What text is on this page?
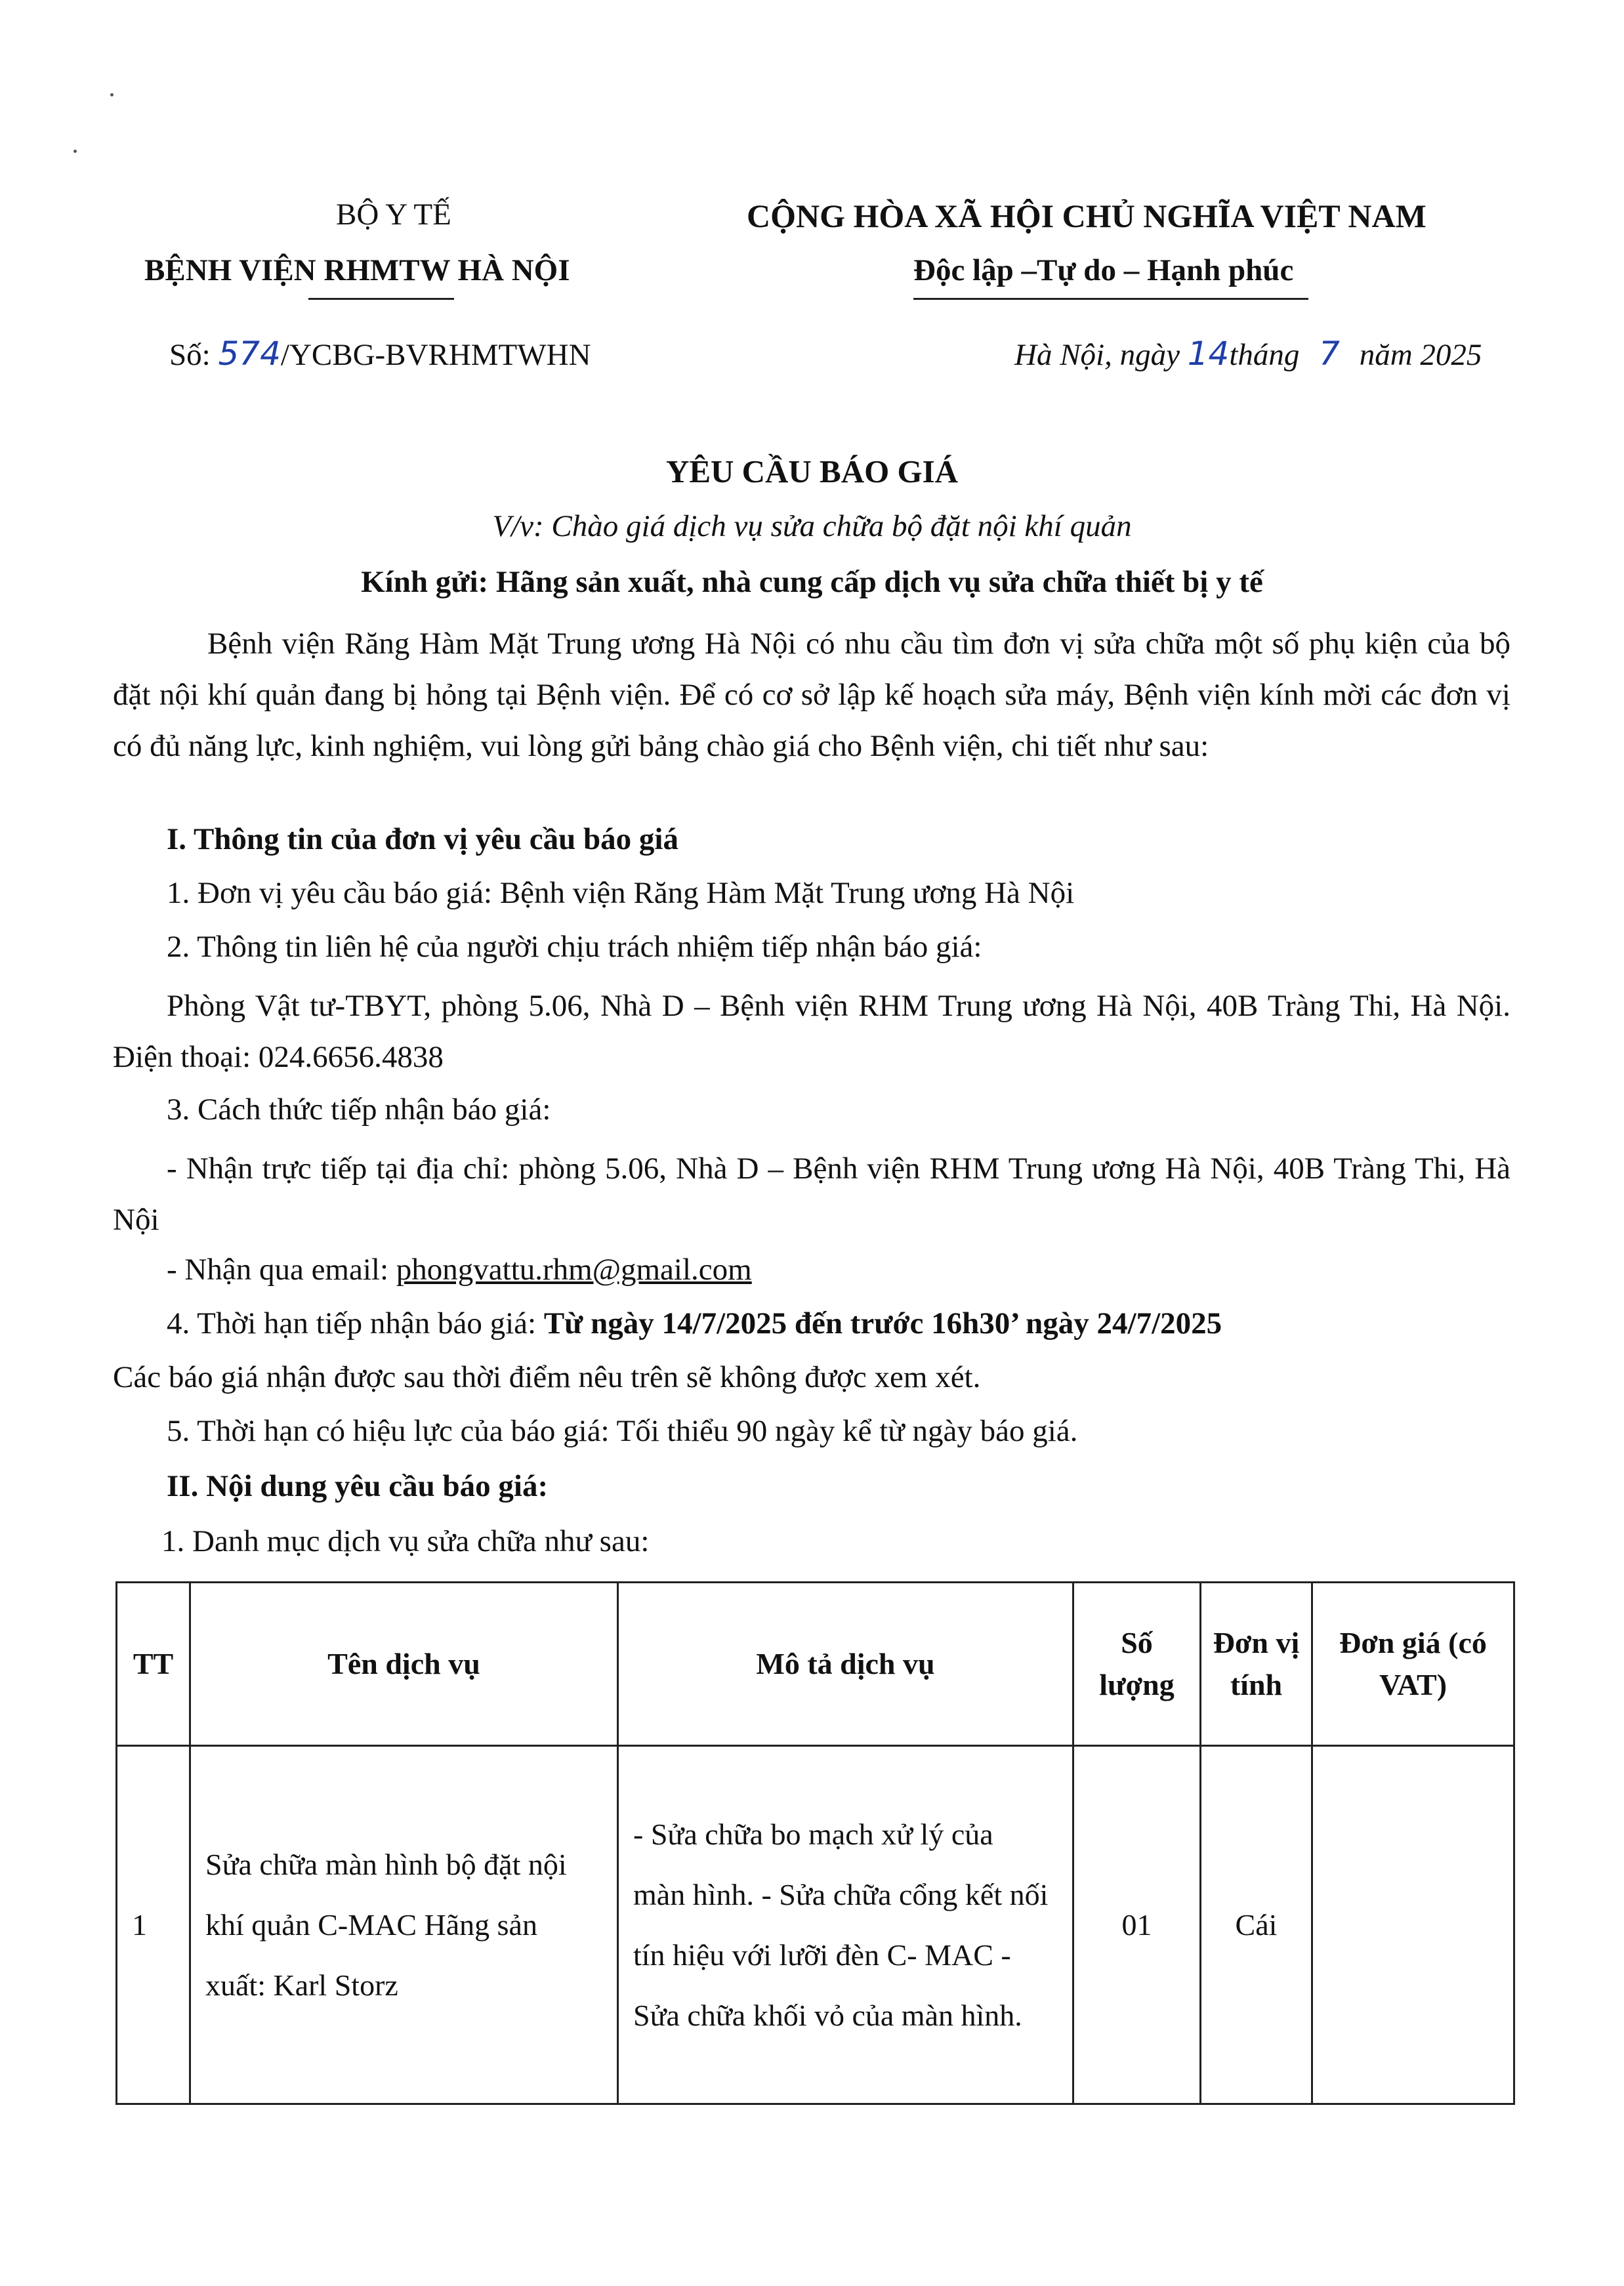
BỘ Y TẾ
BỆNH VIỆN RHMTW HÀ NỘI
CỘNG HÒA XÃ HỘI CHỦ NGHĨA VIỆT NAM
Độc lập –Tự do – Hạnh phúc
Số: 574/YCBG-BVRHMTWHN	Hà Nội, ngày 14tháng 7 năm 2025
YÊU CẦU BÁO GIÁ
V/v: Chào giá dịch vụ sửa chữa bộ đặt nội khí quản
Kính gửi: Hãng sản xuất, nhà cung cấp dịch vụ sửa chữa thiết bị y tế
Bệnh viện Răng Hàm Mặt Trung ương Hà Nội có nhu cầu tìm đơn vị sửa chữa một số phụ kiện của bộ đặt nội khí quản đang bị hỏng tại Bệnh viện. Để có cơ sở lập kế hoạch sửa máy, Bệnh viện kính mời các đơn vị có đủ năng lực, kinh nghiệm, vui lòng gửi bảng chào giá cho Bệnh viện, chi tiết như sau:
I. Thông tin của đơn vị yêu cầu báo giá
1. Đơn vị yêu cầu báo giá: Bệnh viện Răng Hàm Mặt Trung ương Hà Nội
2. Thông tin liên hệ của người chịu trách nhiệm tiếp nhận báo giá:
Phòng Vật tư-TBYT, phòng 5.06, Nhà D – Bệnh viện RHM Trung ương Hà Nội, 40B Tràng Thi, Hà Nội. Điện thoại: 024.6656.4838
3. Cách thức tiếp nhận báo giá:
- Nhận trực tiếp tại địa chỉ: phòng 5.06, Nhà D – Bệnh viện RHM Trung ương Hà Nội, 40B Tràng Thi, Hà Nội
- Nhận qua email: phongvattu.rhm@gmail.com
4. Thời hạn tiếp nhận báo giá: Từ ngày 14/7/2025 đến trước 16h30’ ngày 24/7/2025
Các báo giá nhận được sau thời điểm nêu trên sẽ không được xem xét.
5. Thời hạn có hiệu lực của báo giá: Tối thiểu 90 ngày kể từ ngày báo giá.
II. Nội dung yêu cầu báo giá:
1. Danh mục dịch vụ sửa chữa như sau:
TT	Tên dịch vụ	Mô tả dịch vụ	Số lượng	Đơn vị tính	Đơn giá (có VAT)
1	Sửa chữa màn hình bộ đặt nội khí quản C-MAC Hãng sản xuất: Karl Storz	- Sửa chữa bo mạch xử lý của màn hình. - Sửa chữa cổng kết nối tín hiệu với lưỡi đèn C- MAC - Sửa chữa khối vỏ của màn hình.	01	Cái	
